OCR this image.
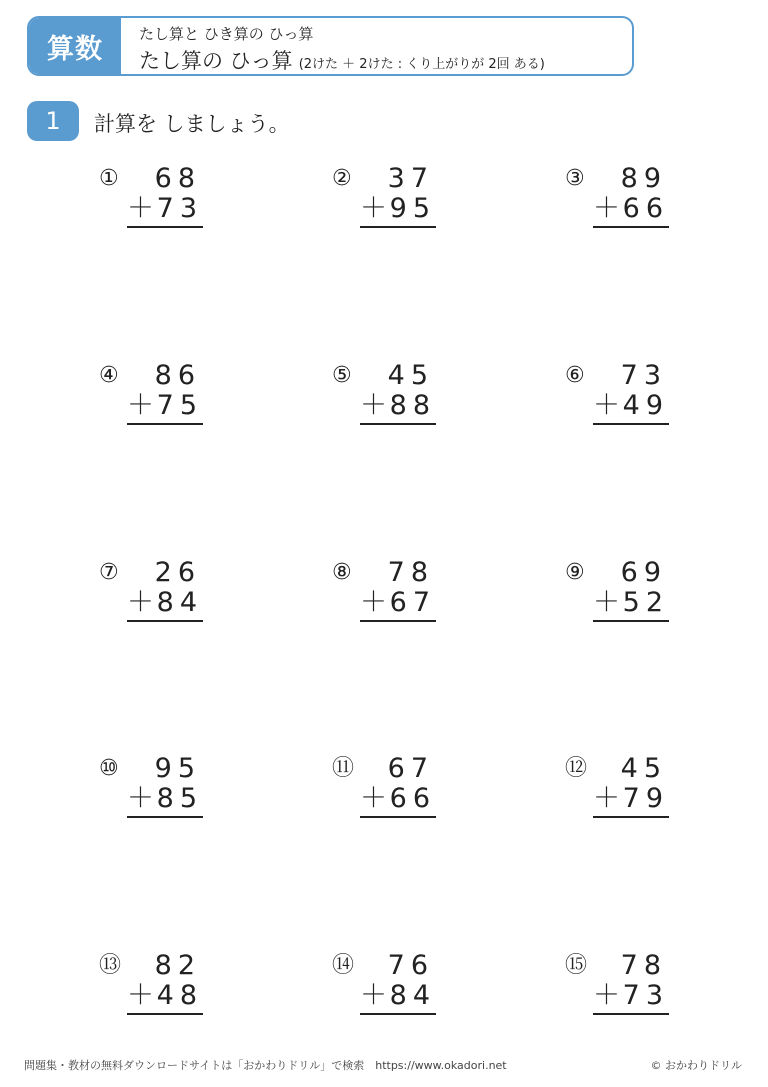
算数	たし算と ひき算の ひっ算
たし算の ひっ算 (2けた ＋ 2けた : くり上がりが 2回 ある)
1	計算を しましょう。
①	68
＋ 73
②	37
＋ 95
③	89
＋ 66
④	86
＋ 75
⑤	45
＋ 88
⑥	73
＋ 49
⑦	26
＋ 84
⑧	78
＋ 67
⑨	69
＋ 52
⑩	95
＋ 85
⑪	67
＋ 66
⑫	45
＋ 79
⑬	82
＋ 48
⑭	76
＋ 84
⑮	78
＋ 73
問題集・教材の無料ダウンロードサイトは「おかわりドリル」で検索　https://www.okadori.net	© おかわりドリル
